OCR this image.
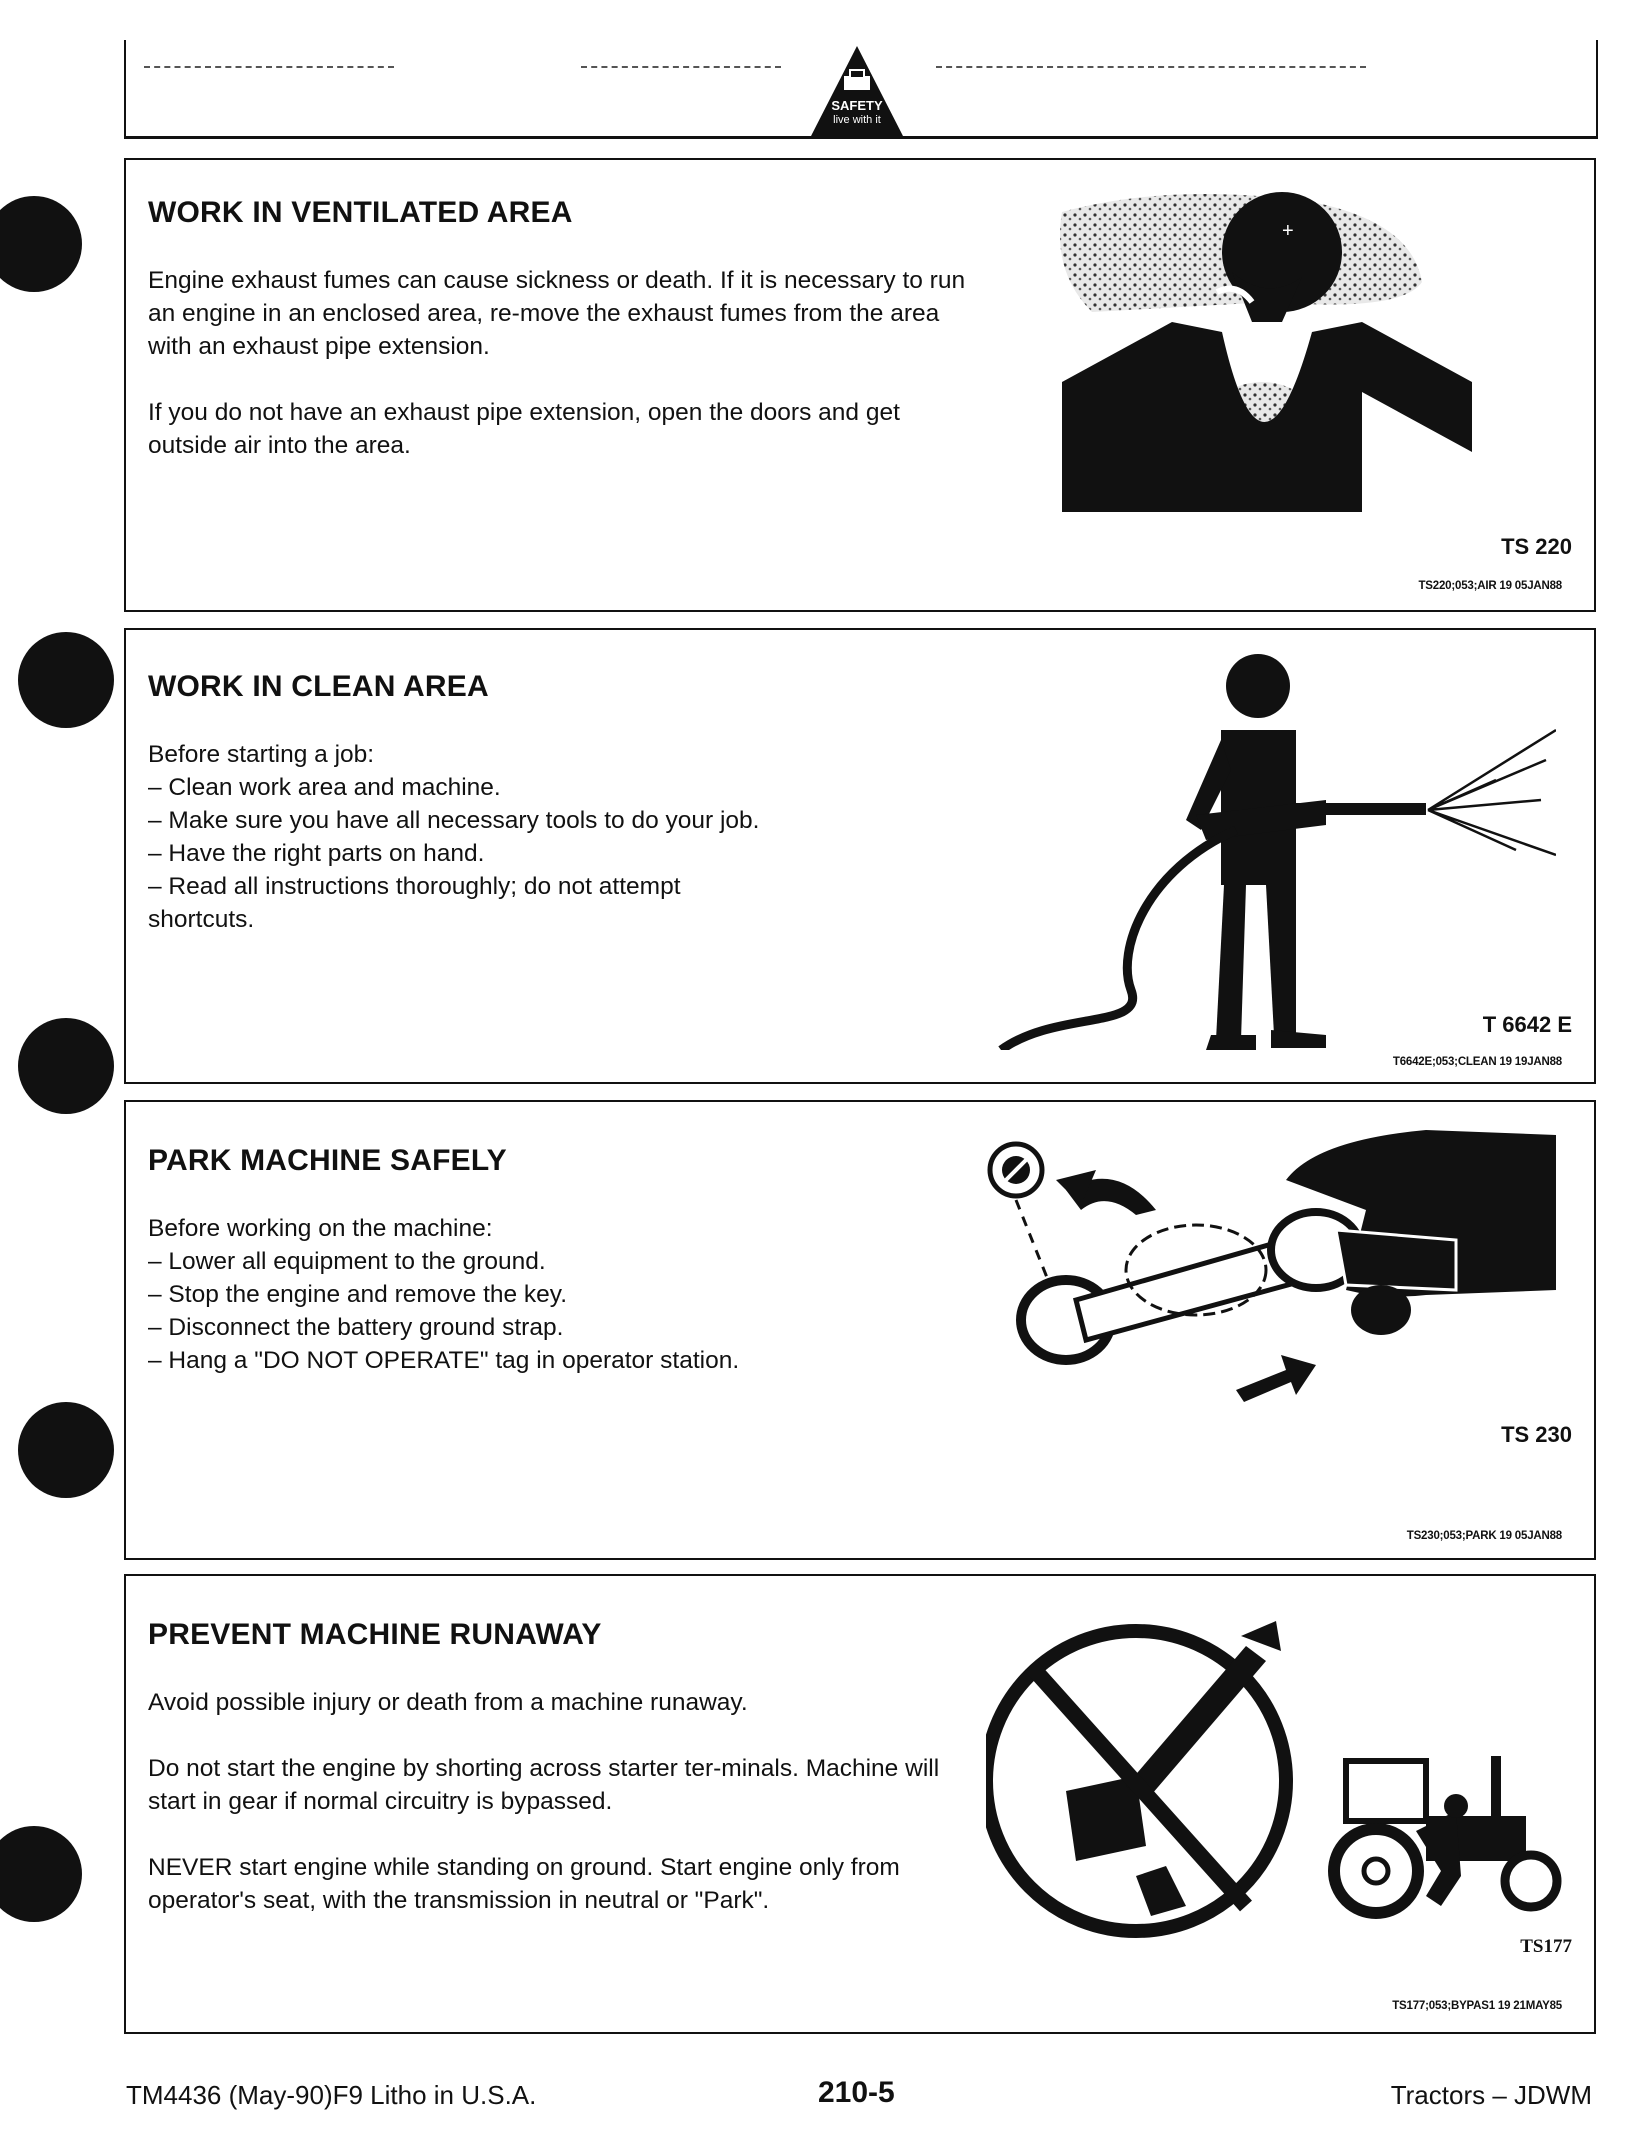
SAFETY
live with it
WORK IN VENTILATED AREA

Engine exhaust fumes can cause sickness or death. If it is necessary to run an engine in an enclosed area, re-move the exhaust fumes from the area with an exhaust pipe extension.

If you do not have an exhaust pipe extension, open the doors and get outside air into the area.

+
TS 220
TS220;053;AIR 19 05JAN88
WORK IN CLEAN AREA
Before starting a job:
– Clean work area and machine.
– Make sure you have all necessary tools to do your job.
– Have the right parts on hand.
– Read all instructions thoroughly; do not attempt shortcuts.
T 6642 E
T6642E;053;CLEAN 19 19JAN88
PARK MACHINE SAFELY
Before working on the machine:
– Lower all equipment to the ground.
– Stop the engine and remove the key.
– Disconnect the battery ground strap.
– Hang a "DO NOT OPERATE" tag in operator station.
TS 230
TS230;053;PARK 19 05JAN88
PREVENT MACHINE RUNAWAY

Avoid possible injury or death from a machine runaway.

Do not start the engine by shorting across starter ter-minals. Machine will start in gear if normal circuitry is bypassed.

NEVER start engine while standing on ground. Start engine only from operator's seat, with the transmission in neutral or "Park".

TS177
TS177;053;BYPAS1 19 21MAY85
TM4436 (May-90)F9 Litho in U.S.A.	210-5	Tractors – JDWM
